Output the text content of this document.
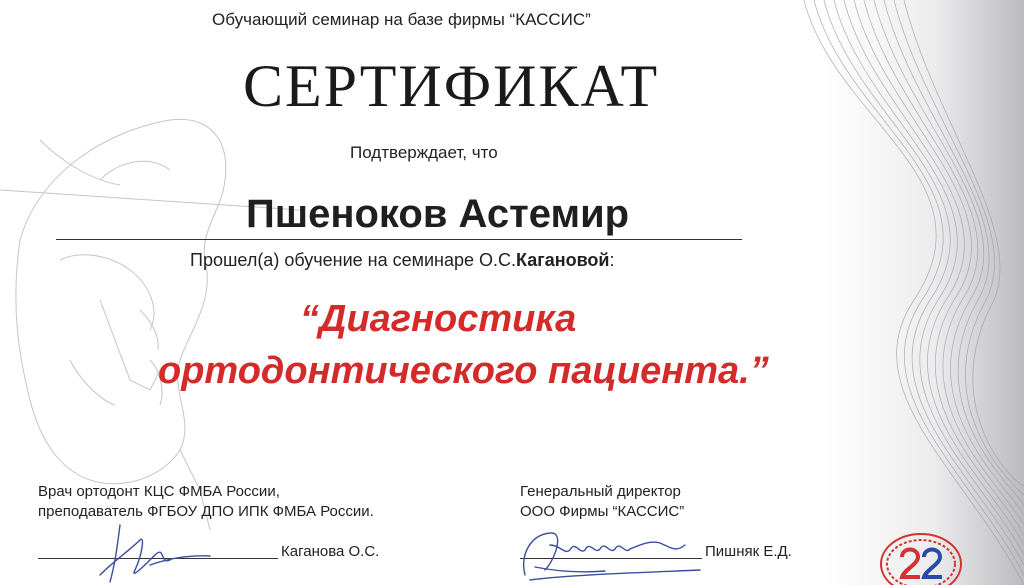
Обучающий семинар на базе фирмы “КАССИС”
СЕРТИФИКАТ
Подтверждает, что
Пшеноков Астемир
Прошел(а) обучение на семинаре О.С.Кагановой:
“Диагностика
ортодонтического пациента.”
Врач ортодонт КЦС ФМБА России,
преподаватель ФГБОУ ДПО ИПК ФМБА России.
Генеральный директор
ООО Фирмы “КАССИС”
Каганова О.С.	Пишняк Е.Д.
